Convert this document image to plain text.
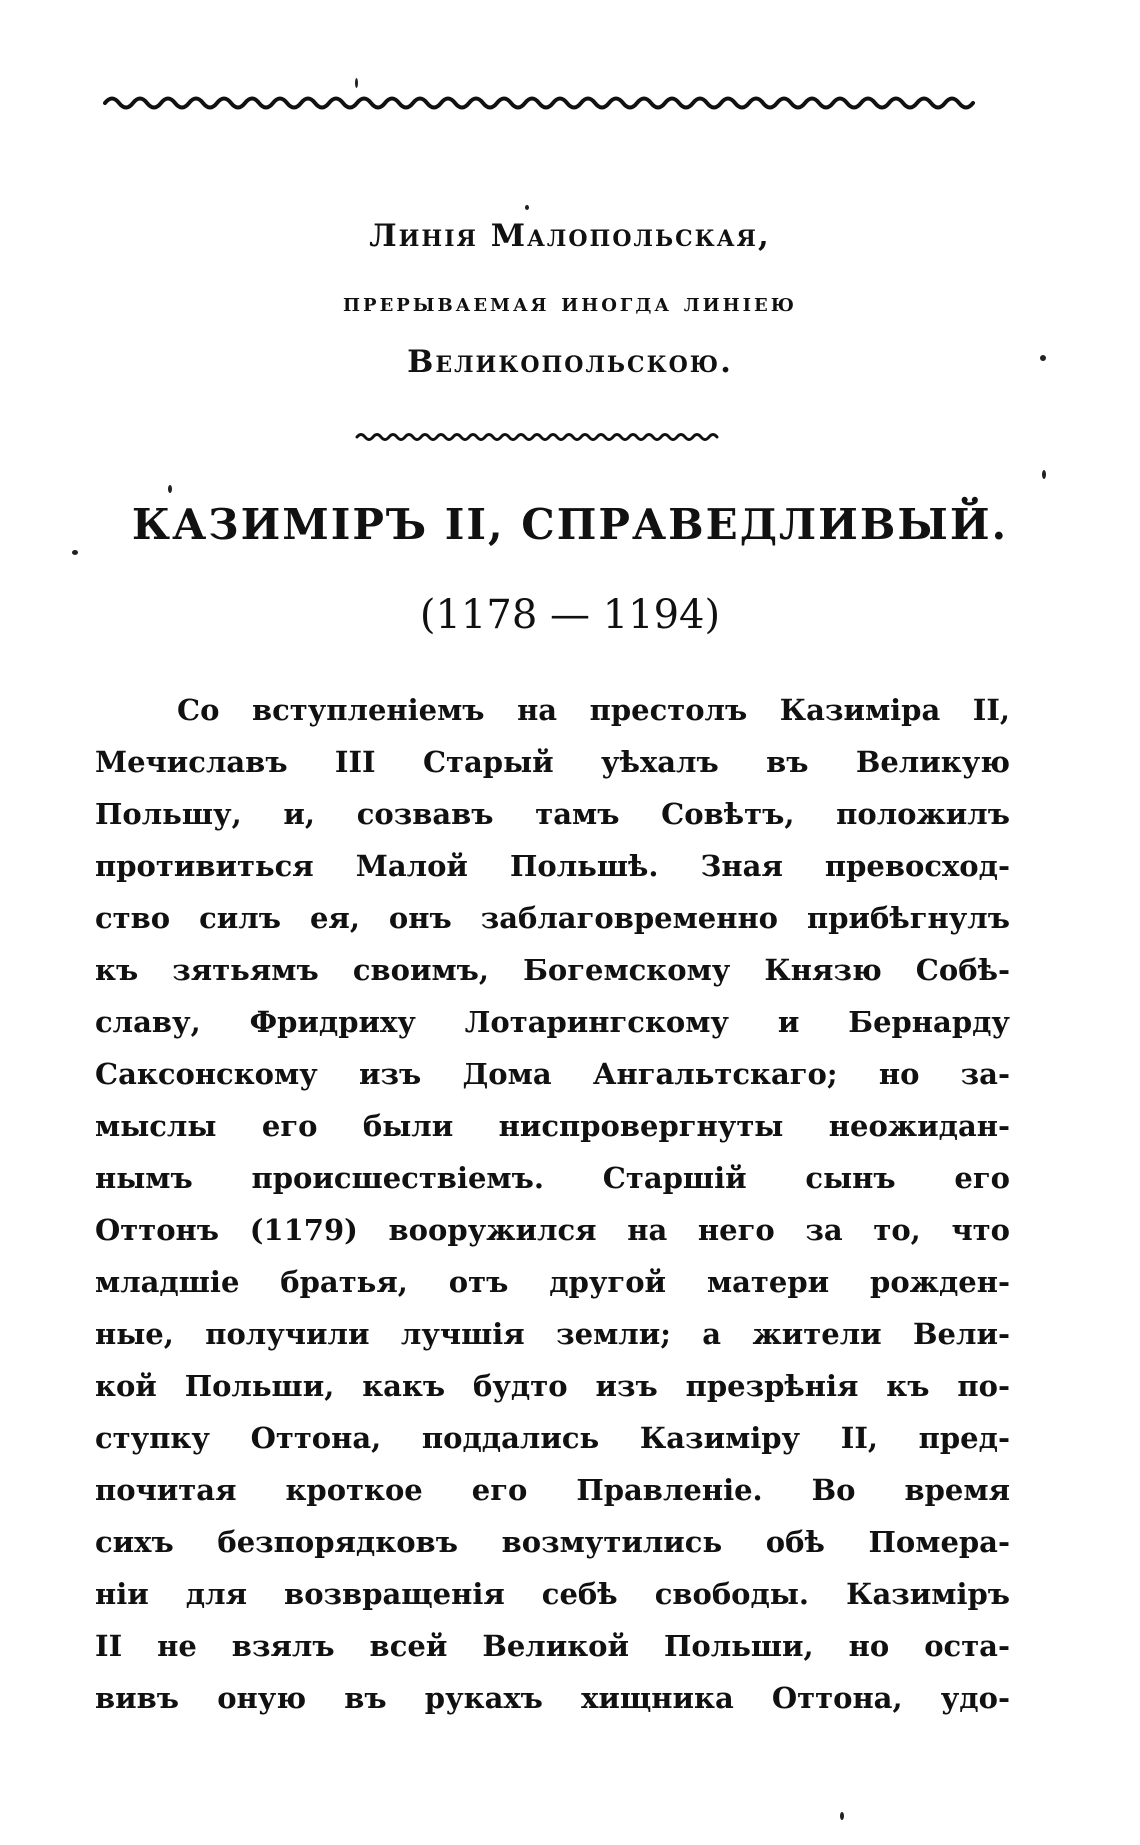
Линія Малопольская,
прерываемая иногда линіею
Великопольскою.
КАЗИМІРЪ II, СПРАВЕДЛИВЫЙ.
(1178 — 1194)
Со вступленіемъ на престолъ Казиміра II,
Мечиславъ III Старый уѣхалъ въ Великую
Польшу, и, созвавъ тамъ Совѣтъ, положилъ
противиться Малой Польшѣ. Зная превосход-
ство силъ ея, онъ заблаговременно прибѣгнулъ
къ зятьямъ своимъ, Богемскому Князю Собѣ-
славу, Фридриху Лотарингскому и Бернарду
Саксонскому изъ Дома Ангальтскаго; но за-
мыслы его были ниспровергнуты неожидан-
нымъ происшествіемъ. Старшій сынъ его
Оттонъ (1179) вооружился на него за то, что
младшіе братья, отъ другой матери рожден-
ные, получили лучшія земли; а жители Вели-
кой Польши, какъ будто изъ презрѣнія къ по-
ступку Оттона, поддались Казиміру II, пред-
почитая кроткое его Правленіе. Во время
сихъ безпорядковъ возмутились обѣ Помера-
ніи для возвращенія себѣ свободы. Казиміръ
II не взялъ всей Великой Польши, но оста-
вивъ оную въ рукахъ хищника Оттона, удо-
